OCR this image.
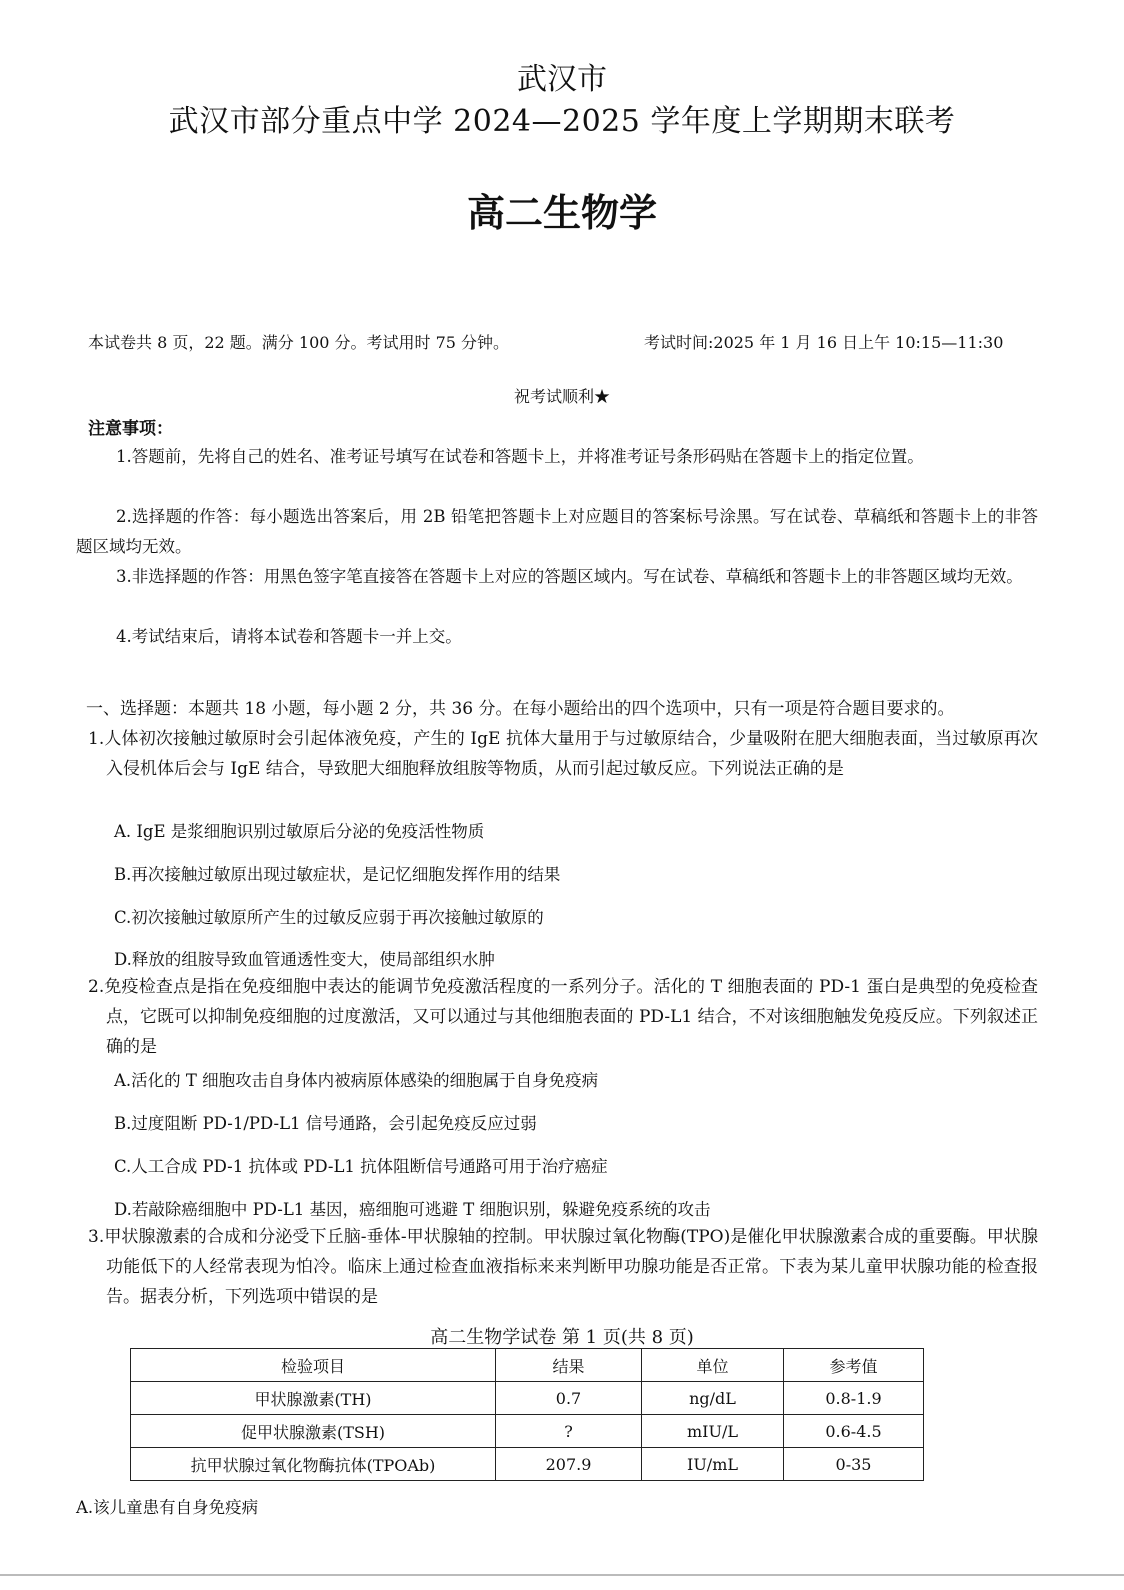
武汉市
武汉市部分重点中学 2024—2025 学年度上学期期末联考
高二生物学
本试卷共 8 页，22 题。满分 100 分。考试用时 75 分钟。	考试时间:2025 年 1 月 16 日上午 10:15—11:30
祝考试顺利★
注意事项：
1.答题前，先将自己的姓名、准考证号填写在试卷和答题卡上，并将准考证号条形码贴在答题卡上的指定位置。
2.选择题的作答：每小题选出答案后，用 2B 铅笔把答题卡上对应题目的答案标号涂黑。写在试卷、草稿纸和答题卡上的非答题区域均无效。
3.非选择题的作答：用黑色签字笔直接答在答题卡上对应的答题区域内。写在试卷、草稿纸和答题卡上的非答题区域均无效。
4.考试结束后，请将本试卷和答题卡一并上交。
一、选择题：本题共 18 小题，每小题 2 分，共 36 分。在每小题给出的四个选项中，只有一项是符合题目要求的。
1.人体初次接触过敏原时会引起体液免疫，产生的 IgE 抗体大量用于与过敏原结合，少量吸附在肥大细胞表面，当过敏原再次入侵机体后会与 IgE 结合，导致肥大细胞释放组胺等物质，从而引起过敏反应。下列说法正确的是
A. IgE 是浆细胞识别过敏原后分泌的免疫活性物质
B.再次接触过敏原出现过敏症状，是记忆细胞发挥作用的结果
C.初次接触过敏原所产生的过敏反应弱于再次接触过敏原的
D.释放的组胺导致血管通透性变大，使局部组织水肿
2.免疫检查点是指在免疫细胞中表达的能调节免疫激活程度的一系列分子。活化的 T 细胞表面的 PD-1 蛋白是典型的免疫检查点，它既可以抑制免疫细胞的过度激活，又可以通过与其他细胞表面的 PD-L1 结合，不对该细胞触发免疫反应。下列叙述正确的是
A.活化的 T 细胞攻击自身体内被病原体感染的细胞属于自身免疫病
B.过度阻断 PD-1/PD-L1 信号通路，会引起免疫反应过弱
C.人工合成 PD-1 抗体或 PD-L1 抗体阻断信号通路可用于治疗癌症
D.若敲除癌细胞中 PD-L1 基因，癌细胞可逃避 T 细胞识别，躲避免疫系统的攻击
3.甲状腺激素的合成和分泌受下丘脑-垂体-甲状腺轴的控制。甲状腺过氧化物酶(TPO)是催化甲状腺激素合成的重要酶。甲状腺功能低下的人经常表现为怕冷。临床上通过检查血液指标来来判断甲功腺功能是否正常。下表为某儿童甲状腺功能的检查报告。据表分析，下列选项中错误的是
高二生物学试卷 第 1 页(共 8 页)
检验项目	结果	单位	参考值
甲状腺激素(TH)	0.7	ng/dL	0.8-1.9
促甲状腺激素(TSH)	?	mIU/L	0.6-4.5
抗甲状腺过氧化物酶抗体(TPOAb)	207.9	IU/mL	0-35
A.该儿童患有自身免疫病
